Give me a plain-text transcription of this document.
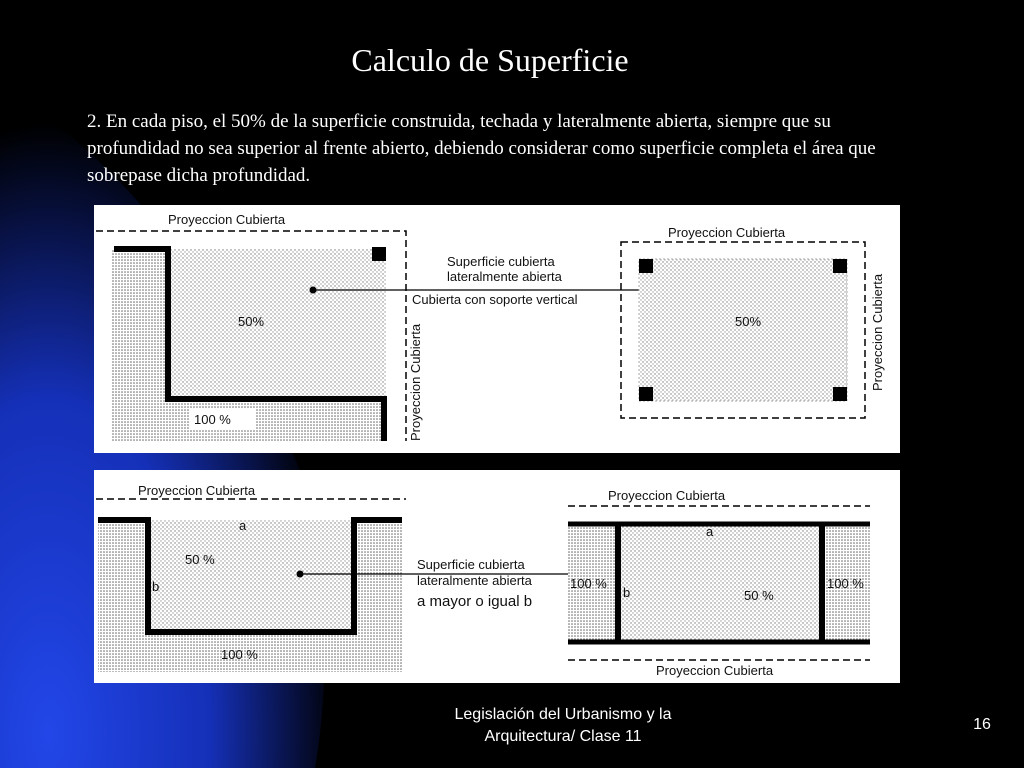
Calculo de Superficie
2. En cada piso, el 50% de la superficie construida, techada y lateralmente abierta, siempre que su profundidad no sea superior al frente abierto, debiendo considerar como superficie completa el área que sobrepase dicha profundidad.
Proyeccion Cubierta
50%
100 %	Proyeccion Cubierta
Superficie cubierta
lateralmente abierta
Cubierta con soporte vertical
Proyeccion Cubierta
50%	Proyeccion Cubierta
Proyeccion Cubierta
a
b
50 %
100 %
Superficie cubierta
lateralmente abierta
a mayor o igual b
Proyeccion Cubierta
a
b
100 %
50 %
100 %
Proyeccion Cubierta
Legislación del Urbanismo y la
Arquitectura/ Clase 11
16
